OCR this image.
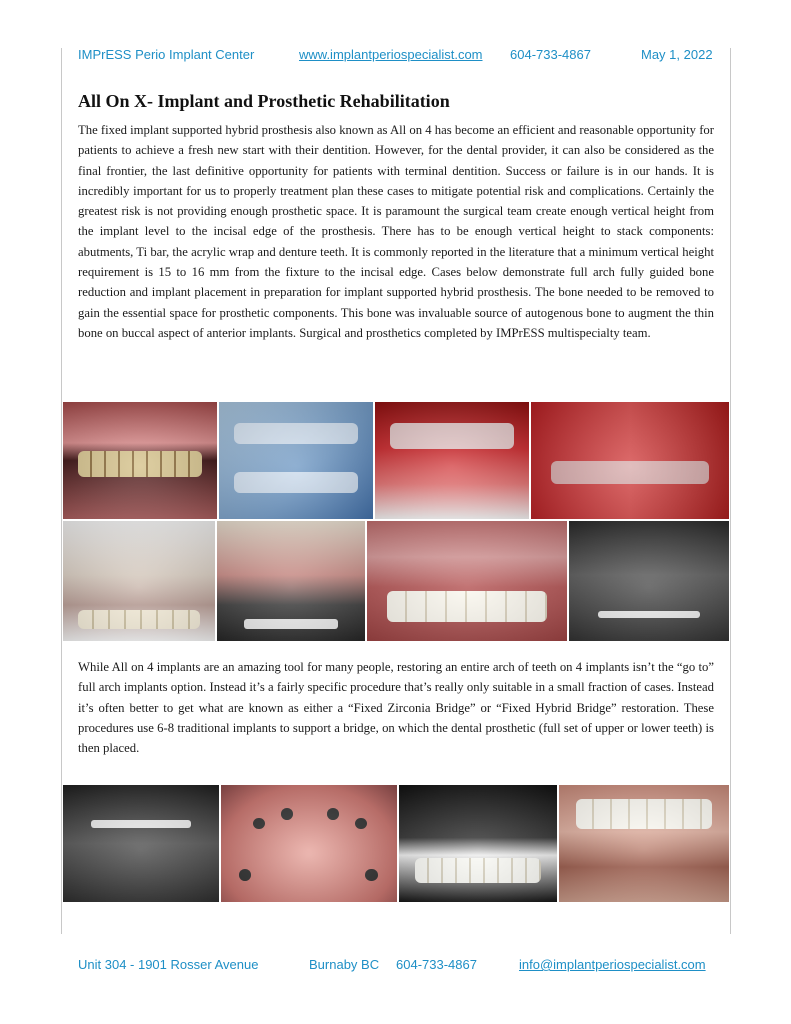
IMPrESS Perio Implant Center	www.implantperiospecialist.com 604-733-4867	May 1, 2022
All On X- Implant and Prosthetic Rehabilitation

The fixed implant supported hybrid prosthesis also known as All on 4 has become an efficient and reasonable opportunity for patients to achieve a fresh new start with their dentition. However, for the dental provider, it can also be considered as the final frontier, the last definitive opportunity for patients with terminal dentition. Success or failure is in our hands. It is incredibly important for us to properly treatment plan these cases to mitigate potential risk and complications. Certainly the greatest risk is not providing enough prosthetic space. It is paramount the surgical team create enough vertical height from the implant level to the incisal edge of the prosthesis. There has to be enough vertical height to stack components: abutments, Ti bar, the acrylic wrap and denture teeth. It is commonly reported in the literature that a minimum vertical height requirement is 15 to 16 mm from the fixture to the incisal edge. Cases below demonstrate full arch fully guided bone reduction and implant placement in preparation for implant supported hybrid prosthesis. The bone needed to be removed to gain the essential space for prosthetic components. This bone was invaluable source of autogenous bone to augment the thin bone on buccal aspect of anterior implants. Surgical and prosthetics completed by IMPrESS multispecialty team.

While All on 4 implants are an amazing tool for many people, restoring an entire arch of teeth on 4 implants isn’t the “go to” full arch implants option. Instead it’s a fairly specific procedure that’s really only suitable in a small fraction of cases. Instead it’s often better to get what are known as either a “Fixed Zirconia Bridge” or “Fixed Hybrid Bridge” restoration. These procedures use 6-8 traditional implants to support a bridge, on which the dental prosthetic (full set of upper or lower teeth) is then placed.

Unit 304 - 1901 Rosser Avenue	Burnaby BC 604-733-4867	info@implantperiospecialist.com
